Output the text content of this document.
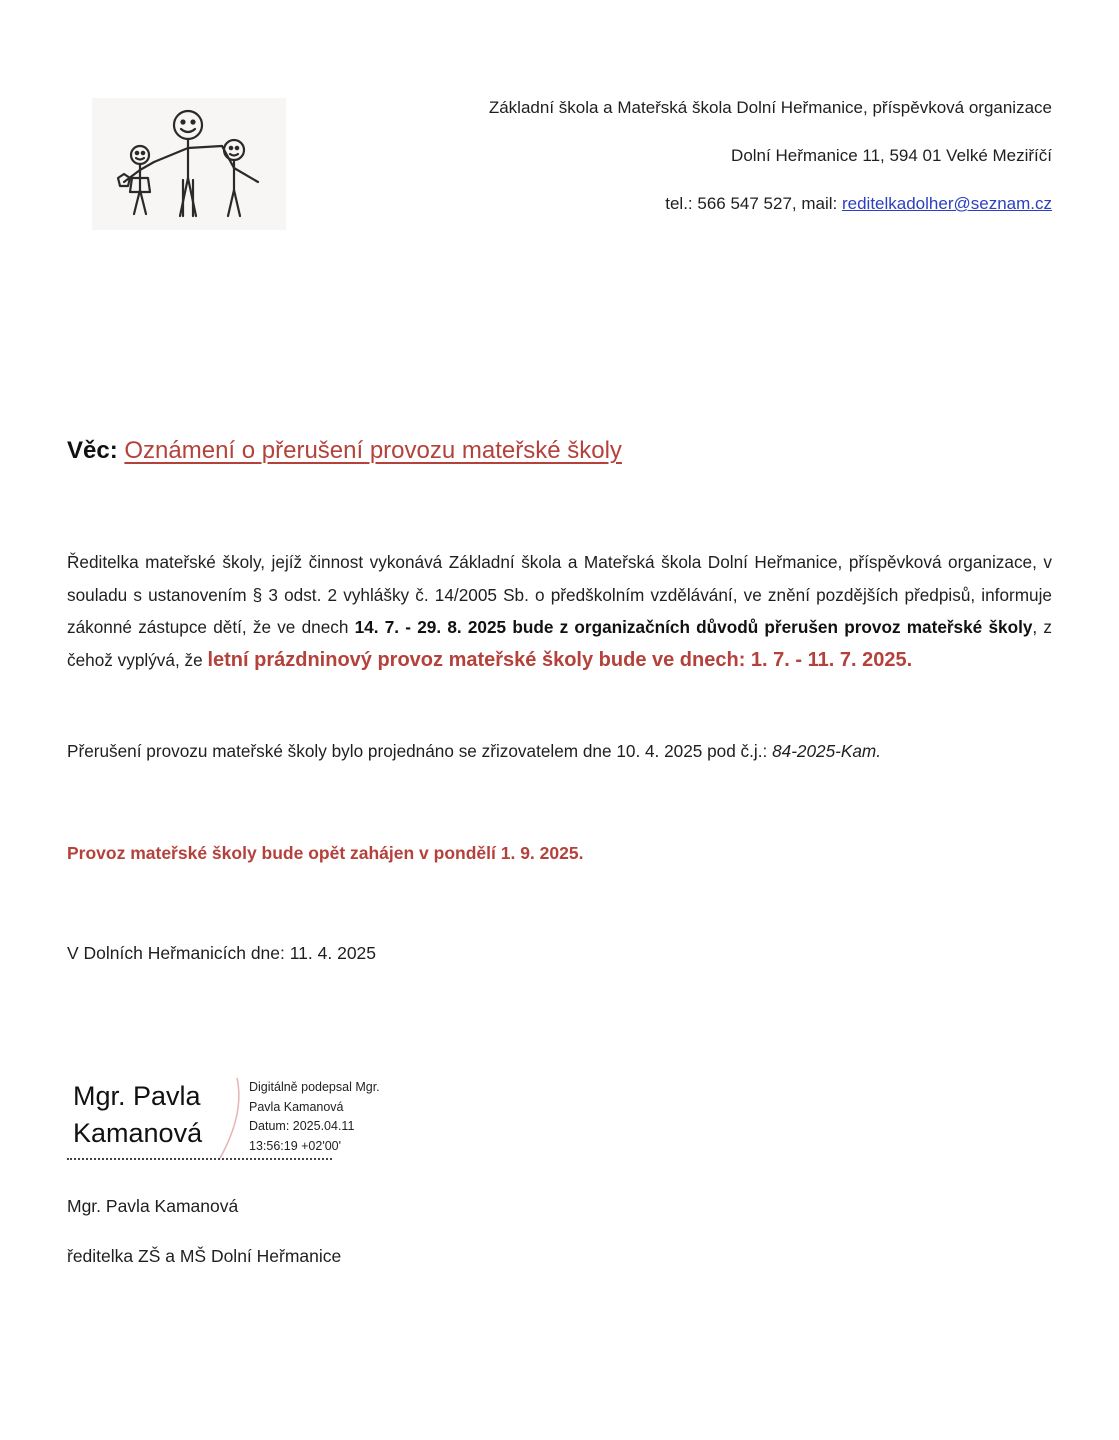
Základní škola a Mateřská škola Dolní Heřmanice, příspěvková organizace
Dolní Heřmanice 11, 594 01 Velké Meziříčí
tel.: 566 547 527, mail: reditelkadolher@seznam.cz
Věc: Oznámení o přerušení provozu mateřské školy
Ředitelka mateřské školy, jejíž činnost vykonává Základní škola a Mateřská škola Dolní Heřmanice, příspěvková organizace, v souladu s ustanovením § 3 odst. 2 vyhlášky č. 14/2005 Sb. o předškolním vzdělávání, ve znění pozdějších předpisů, informuje zákonné zástupce dětí, že ve dnech 14. 7. - 29. 8. 2025 bude z organizačních důvodů přerušen provoz mateřské školy, z čehož vyplývá, že letní prázdninový provoz mateřské školy bude ve dnech: 1. 7. - 11. 7. 2025.
Přerušení provozu mateřské školy bylo projednáno se zřizovatelem dne 10. 4. 2025 pod č.j.: 84-2025-Kam.
Provoz mateřské školy bude opět zahájen v pondělí 1. 9. 2025.
V Dolních Heřmanicích dne: 11. 4. 2025
Mgr. Pavla
Kamanová
Digitálně podepsal Mgr.
Pavla Kamanová
Datum: 2025.04.11
13:56:19 +02'00'
Mgr. Pavla Kamanová
ředitelka ZŠ a MŠ Dolní Heřmanice
